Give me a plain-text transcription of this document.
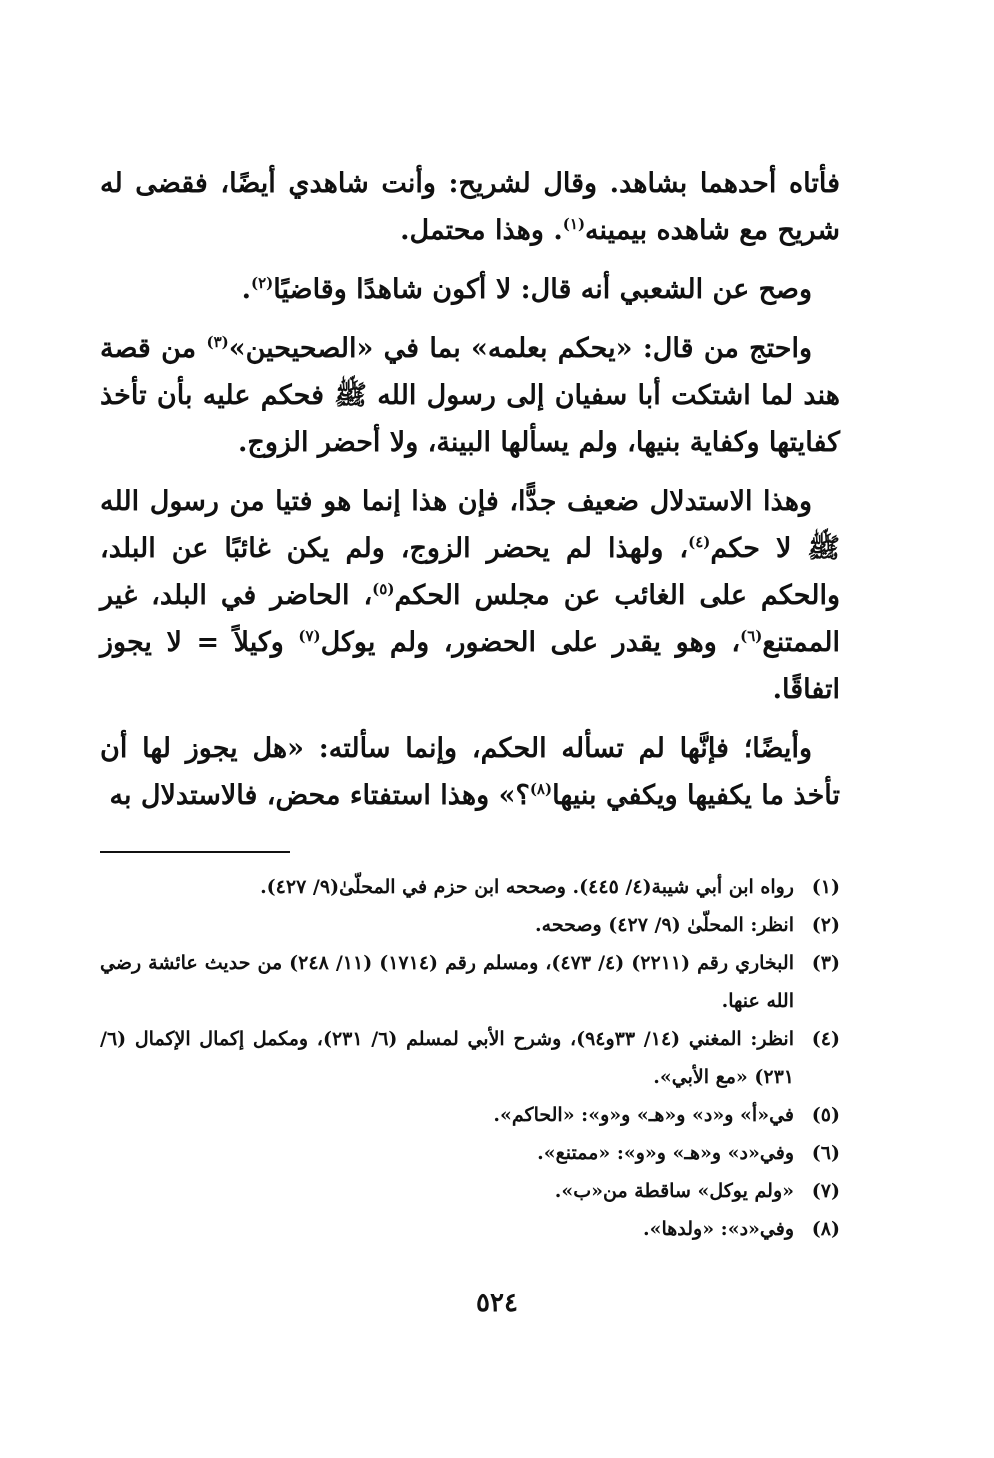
فأتاه أحدهما بشاهد. وقال لشريح: وأنت شاهدي أيضًا، فقضى له شريح مع شاهده بيمينه$^{(١)}$. وهذا محتمل.

وصح عن الشعبي أنه قال: لا أكون شاهدًا وقاضيًا$^{(٢)}$.

واحتج من قال: «يحكم بعلمه» بما في «الصحيحين»$^{(٣)}$ من قصة هند لما اشتكت أبا سفيان إلى رسول الله ﷺ فحكم عليه بأن تأخذ كفايتها وكفاية بنيها، ولم يسألها البينة، ولا أحضر الزوج.

وهذا الاستدلال ضعيف جدًّا، فإن هذا إنما هو فتيا من رسول الله ﷺ لا حكم$^{(٤)}$، ولهذا لم يحضر الزوج، ولم يكن غائبًا عن البلد، والحكم على الغائب عن مجلس الحكم$^{(٥)}$، الحاضر في البلد، غير الممتنع$^{(٦)}$، وهو يقدر على الحضور، ولم يوكل$^{(٧)}$ وكيلاً = لا يجوز اتفاقًا.

وأيضًا؛ فإنَّها لم تسأله الحكم، وإنما سألته: «هل يجوز لها أن تأخذ ما يكفيها ويكفي بنيها$^{(٨)}$؟» وهذا استفتاء محض، فالاستدلال به

(١)
رواه ابن أبي شيبة(٤/ ٤٤٥). وصححه ابن حزم في المحلّىٰ(٩/ ٤٢٧).
(٢)
انظر: المحلّىٰ (٩/ ٤٢٧) وصححه.
(٣)
البخاري رقم (٢٢١١) (٤/ ٤٧٣)، ومسلم رقم (١٧١٤) (١١/ ٢٤٨) من حديث عائشة رضي الله عنها.
(٤)
انظر: المغني (١٤/ ٣٣و٩٤)، وشرح الأبي لمسلم (٦/ ٢٣١)، ومكمل إكمال الإكمال (٦/ ٢٣١) «مع الأبي».
(٥)
في«أ» و«د» و«هـ» و«و»: «الحاكم».
(٦)
وفي«د» و«هـ» و«و»: «ممتنع».
(٧)
«ولم يوكل» ساقطة من«ب».
(٨)
وفي«د»: «ولدها».
٥٢٤
